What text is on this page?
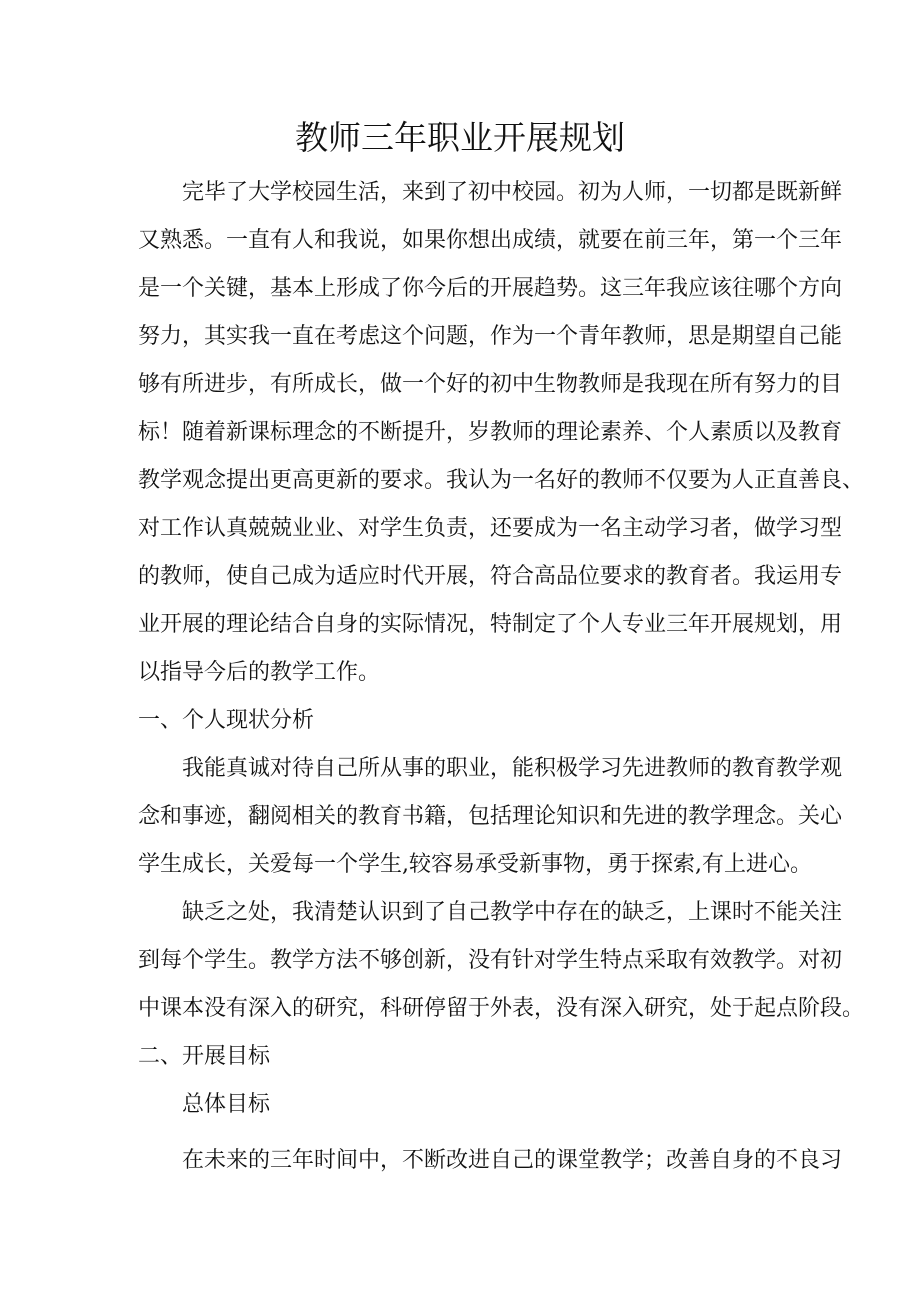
教师三年职业开展规划
完毕了大学校园生活，来到了初中校园。初为人师，一切都是既新鲜
又熟悉。一直有人和我说，如果你想出成绩，就要在前三年，第一个三年
是一个关键，基本上形成了你今后的开展趋势。这三年我应该往哪个方向
努力，其实我一直在考虑这个问题，作为一个青年教师，思是期望自己能
够有所进步，有所成长，做一个好的初中生物教师是我现在所有努力的目
标！随着新课标理念的不断提升，岁教师的理论素养、个人素质以及教育
教学观念提出更高更新的要求。我认为一名好的教师不仅要为人正直善良、
对工作认真兢兢业业、对学生负责，还要成为一名主动学习者，做学习型
的教师，使自己成为适应时代开展，符合高品位要求的教育者。我运用专
业开展的理论结合自身的实际情况，特制定了个人专业三年开展规划，用
以指导今后的教学工作。
一、个人现状分析
我能真诚对待自己所从事的职业，能积极学习先进教师的教育教学观
念和事迹，翻阅相关的教育书籍，包括理论知识和先进的教学理念。关心
学生成长，关爱每一个学生,较容易承受新事物，勇于探索,有上进心。
缺乏之处，我清楚认识到了自己教学中存在的缺乏，上课时不能关注
到每个学生。教学方法不够创新，没有针对学生特点采取有效教学。对初
中课本没有深入的研究，科研停留于外表，没有深入研究，处于起点阶段。
二、开展目标
总体目标
在未来的三年时间中，不断改进自己的课堂教学；改善自身的不良习
